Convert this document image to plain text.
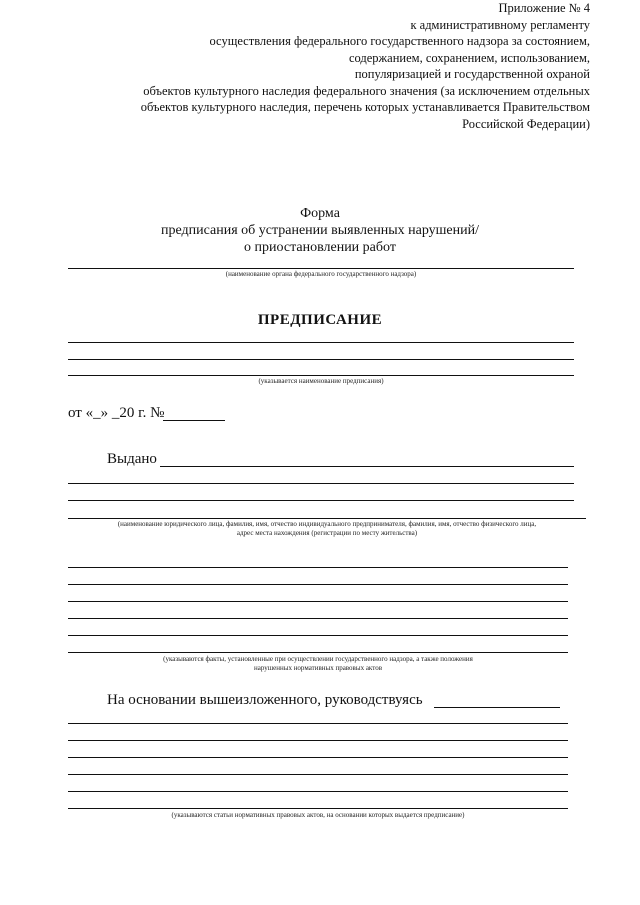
Приложение № 4
к административному регламенту
осуществления федерального государственного надзора за состоянием,
содержанием, сохранением, использованием,
популяризацией и государственной охраной
объектов культурного наследия федерального значения (за исключением отдельных
объектов культурного наследия, перечень которых устанавливается Правительством
Российской Федерации)
Форма
предписания об устранении выявленных нарушений/
о приостановлении работ
(наименование органа федерального государственного надзора)
ПРЕДПИСАНИЕ
(указывается наименование предписания)
от «_» _20 г. №
Выдано
(наименование юридического лица, фамилия, имя, отчество индивидуального предпринимателя, фамилия, имя, отчество физического лица,
адрес места нахождения (регистрации по месту жительства)
(указываются факты, установленные при осуществлении государственного надзора, а также положения
нарушенных нормативных правовых актов
На основании вышеизложенного, руководствуясь
(указываются статьи нормативных правовых актов, на основании которых выдается предписание)
